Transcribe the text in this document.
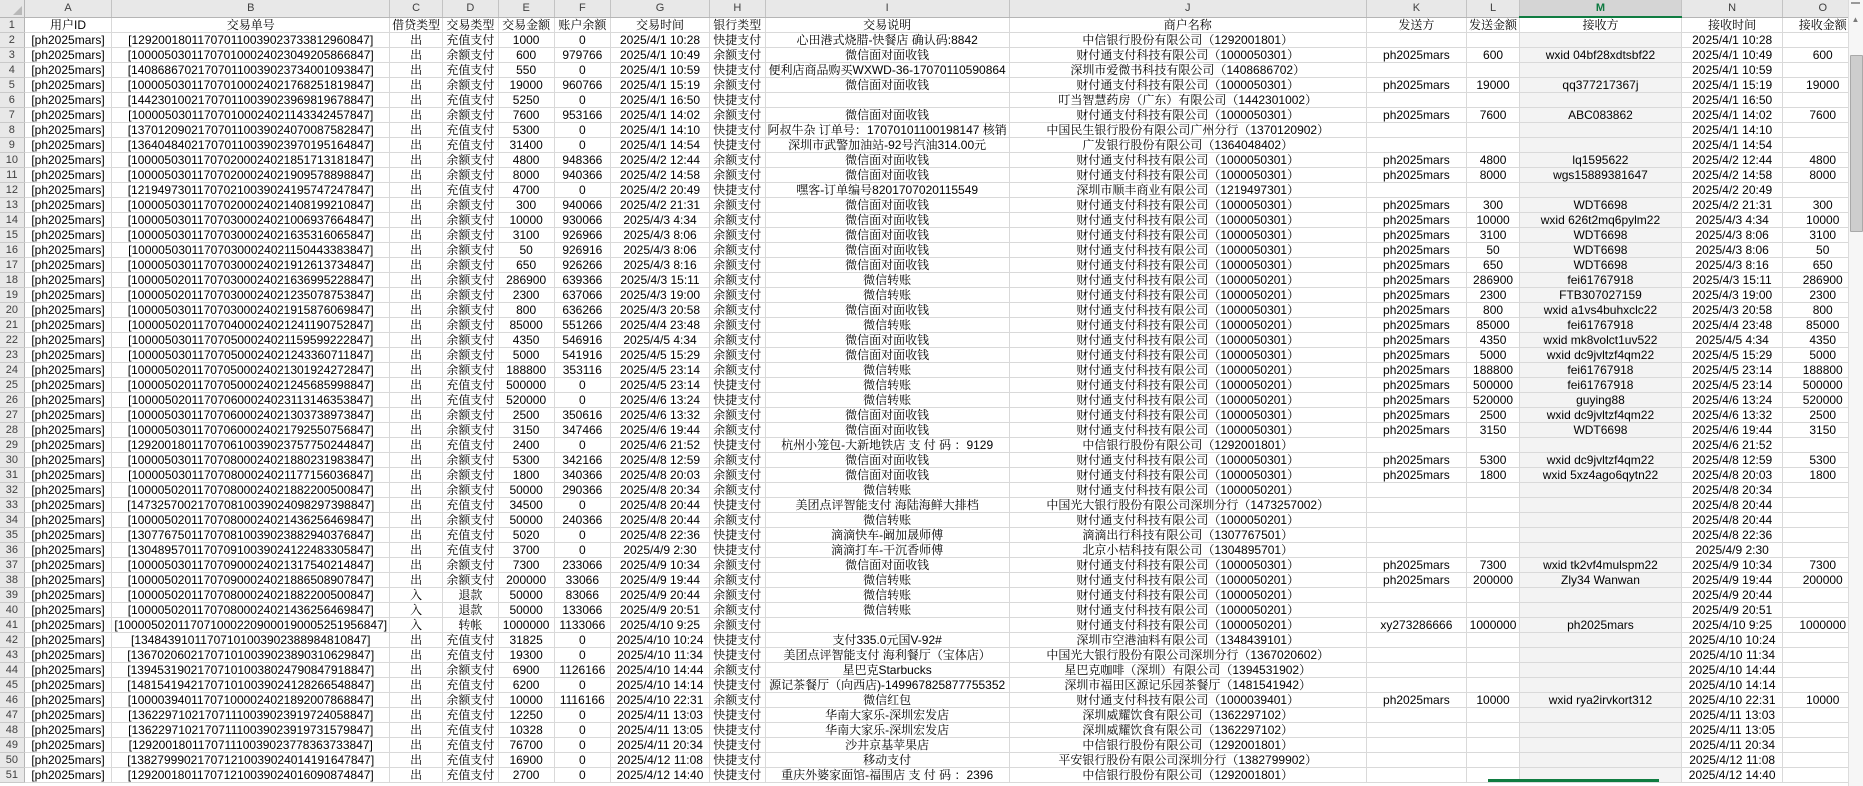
	A	B	C	D	E	F	G	H	I	J	K	L	M	N	O
1	用户ID	交易单号	借贷类型	交易类型	交易金额	账户余额	交易时间	银行类型	交易说明	商户名称	发送方	发送金额	接收方	接收时间	接收金额
2	[ph2025mars]	[129200180117070110039023733812960847]	出	充值支付	1000	0	2025/4/1 10:28	快捷支付	心田港式烧腊-快餐店 确认码:8842	中信银行股份有限公司（1292001801）				2025/4/1 10:28	
3	[ph2025mars]	[100005030117070100024023049205866847]	出	余额支付	600	979766	2025/4/1 10:49	余额支付	微信面对面收钱	财付通支付科技有限公司（1000050301）	ph2025mars	600	wxid 04bf28xdtsbf22	2025/4/1 10:49	600
4	[ph2025mars]	[140868670217070110039023734001093847]	出	充值支付	550	0	2025/4/1 10:59	快捷支付	便利店商品购买WXWD-36-17070110590864	深圳市爱微书科技有限公司（1408686702）				2025/4/1 10:59	
5	[ph2025mars]	[100005030117070100024021768251819847]	出	余额支付	19000	960766	2025/4/1 15:19	余额支付	微信面对面收钱	财付通支付科技有限公司（1000050301）	ph2025mars	19000	qq377217367j	2025/4/1 15:19	19000
6	[ph2025mars]	[144230100217070110039023969819678847]	出	充值支付	5250	0	2025/4/1 16:50	快捷支付		叮当智慧药房（广东）有限公司（1442301002）				2025/4/1 16:50	
7	[ph2025mars]	[100005030117070100024021143342457847]	出	余额支付	7600	953166	2025/4/1 14:02	余额支付	微信面对面收钱	财付通支付科技有限公司（1000050301）	ph2025mars	7600	ABC083862	2025/4/1 14:02	7600
8	[ph2025mars]	[137012090217070110039024070087582847]	出	充值支付	5300	0	2025/4/1 14:10	快捷支付	阿叔牛杂 订单号：17070101100198147 核销	中国民生银行股份有限公司广州分行（1370120902）				2025/4/1 14:10	
9	[ph2025mars]	[136404840217070110039023970195164847]	出	充值支付	31400	0	2025/4/1 14:54	快捷支付	深圳市武警加油站-92号汽油314.00元	广发银行股份有限公司（1364048402）				2025/4/1 14:54	
10	[ph2025mars]	[100005030117070200024021851713181847]	出	余额支付	4800	948366	2025/4/2 12:44	余额支付	微信面对面收钱	财付通支付科技有限公司（1000050301）	ph2025mars	4800	lq1595622	2025/4/2 12:44	4800
11	[ph2025mars]	[100005030117070200024021909578898847]	出	余额支付	8000	940366	2025/4/2 14:58	余额支付	微信面对面收钱	财付通支付科技有限公司（1000050301）	ph2025mars	8000	wgs15889381647	2025/4/2 14:58	8000
12	[ph2025mars]	[121949730117070210039024195747247847]	出	充值支付	4700	0	2025/4/2 20:49	快捷支付	嘿客-订单编号8201707020115549	深圳市顺丰商业有限公司（1219497301）				2025/4/2 20:49	
13	[ph2025mars]	[100005030117070200024021408199210847]	出	余额支付	300	940066	2025/4/2 21:31	余额支付	微信面对面收钱	财付通支付科技有限公司（1000050301）	ph2025mars	300	WDT6698	2025/4/2 21:31	300
14	[ph2025mars]	[100005030117070300024021006937664847]	出	余额支付	10000	930066	2025/4/3 4:34	余额支付	微信面对面收钱	财付通支付科技有限公司（1000050301）	ph2025mars	10000	wxid 626t2mq6pylm22	2025/4/3 4:34	10000
15	[ph2025mars]	[100005030117070300024021635316065847]	出	余额支付	3100	926966	2025/4/3 8:06	余额支付	微信面对面收钱	财付通支付科技有限公司（1000050301）	ph2025mars	3100	WDT6698	2025/4/3 8:06	3100
16	[ph2025mars]	[100005030117070300024021150443383847]	出	余额支付	50	926916	2025/4/3 8:06	余额支付	微信面对面收钱	财付通支付科技有限公司（1000050301）	ph2025mars	50	WDT6698	2025/4/3 8:06	50
17	[ph2025mars]	[100005030117070300024021912613734847]	出	余额支付	650	926266	2025/4/3 8:16	余额支付	微信面对面收钱	财付通支付科技有限公司（1000050301）	ph2025mars	650	WDT6698	2025/4/3 8:16	650
18	[ph2025mars]	[100005020117070300024021636995228847]	出	余额支付	286900	639366	2025/4/3 15:11	余额支付	微信转账	财付通支付科技有限公司（1000050201）	ph2025mars	286900	fei61767918	2025/4/3 15:11	286900
19	[ph2025mars]	[100005020117070300024021235078753847]	出	余额支付	2300	637066	2025/4/3 19:00	余额支付	微信转账	财付通支付科技有限公司（1000050201）	ph2025mars	2300	FTB307027159	2025/4/3 19:00	2300
20	[ph2025mars]	[100005030117070300024021915876069847]	出	余额支付	800	636266	2025/4/3 20:58	余额支付	微信面对面收钱	财付通支付科技有限公司（1000050301）	ph2025mars	800	wxid a1vs4buhxclc22	2025/4/3 20:58	800
21	[ph2025mars]	[100005020117070400024021241190752847]	出	余额支付	85000	551266	2025/4/4 23:48	余额支付	微信转账	财付通支付科技有限公司（1000050201）	ph2025mars	85000	fei61767918	2025/4/4 23:48	85000
22	[ph2025mars]	[100005030117070500024021159599222847]	出	余额支付	4350	546916	2025/4/5 4:34	余额支付	微信面对面收钱	财付通支付科技有限公司（1000050301）	ph2025mars	4350	wxid mk8volct1uv522	2025/4/5 4:34	4350
23	[ph2025mars]	[100005030117070500024021243360711847]	出	余额支付	5000	541916	2025/4/5 15:29	余额支付	微信面对面收钱	财付通支付科技有限公司（1000050301）	ph2025mars	5000	wxid dc9jvltzf4qm22	2025/4/5 15:29	5000
24	[ph2025mars]	[100005020117070500024021301924272847]	出	余额支付	188800	353116	2025/4/5 23:14	余额支付	微信转账	财付通支付科技有限公司（1000050201）	ph2025mars	188800	fei61767918	2025/4/5 23:14	188800
25	[ph2025mars]	[100005020117070500024021245685998847]	出	充值支付	500000	0	2025/4/5 23:14	快捷支付	微信转账	财付通支付科技有限公司（1000050201）	ph2025mars	500000	fei61767918	2025/4/5 23:14	500000
26	[ph2025mars]	[100005020117070600024023113146353847]	出	充值支付	520000	0	2025/4/6 13:24	快捷支付	微信转账	财付通支付科技有限公司（1000050201）	ph2025mars	520000	guying88	2025/4/6 13:24	520000
27	[ph2025mars]	[100005030117070600024021303738973847]	出	余额支付	2500	350616	2025/4/6 13:32	余额支付	微信面对面收钱	财付通支付科技有限公司（1000050301）	ph2025mars	2500	wxid dc9jvltzf4qm22	2025/4/6 13:32	2500
28	[ph2025mars]	[100005030117070600024021792550756847]	出	余额支付	3150	347466	2025/4/6 19:44	余额支付	微信面对面收钱	财付通支付科技有限公司（1000050301）	ph2025mars	3150	WDT6698	2025/4/6 19:44	3150
29	[ph2025mars]	[129200180117070610039023757750244847]	出	充值支付	2400	0	2025/4/6 21:52	快捷支付	杭州小笼包-大新地铁店 支 付 码 ：9129	中信银行股份有限公司（1292001801）				2025/4/6 21:52	
30	[ph2025mars]	[100005030117070800024021880231983847]	出	余额支付	5300	342166	2025/4/8 12:59	余额支付	微信面对面收钱	财付通支付科技有限公司（1000050301）	ph2025mars	5300	wxid dc9jvltzf4qm22	2025/4/8 12:59	5300
31	[ph2025mars]	[100005030117070800024021177156036847]	出	余额支付	1800	340366	2025/4/8 20:03	余额支付	微信面对面收钱	财付通支付科技有限公司（1000050301）	ph2025mars	1800	wxid 5xz4ago6qytn22	2025/4/8 20:03	1800
32	[ph2025mars]	[100005020117070800024021882200500847]	出	余额支付	50000	290366	2025/4/8 20:34	余额支付	微信转账	财付通支付科技有限公司（1000050201）				2025/4/8 20:34	
33	[ph2025mars]	[147325700217070810039024098297398847]	出	充值支付	34500	0	2025/4/8 20:44	快捷支付	美团点评智能支付 海陆海鲜大排档	中国光大银行股份有限公司深圳分行（1473257002）				2025/4/8 20:44	
34	[ph2025mars]	[100005020117070800024021436256469847]	出	余额支付	50000	240366	2025/4/8 20:44	余额支付	微信转账	财付通支付科技有限公司（1000050201）				2025/4/8 20:44	
35	[ph2025mars]	[130776750117070810039023882940376847]	出	充值支付	5020	0	2025/4/8 22:36	快捷支付	滴滴快车-阚加晟师傅	滴滴出行科技有限公司（1307767501）				2025/4/8 22:36	
36	[ph2025mars]	[130489570117070910039024122483305847]	出	充值支付	3700	0	2025/4/9 2:30	快捷支付	滴滴打车-干沉香师傅	北京小桔科技有限公司（1304895701）				2025/4/9 2:30	
37	[ph2025mars]	[100005030117070900024021317540214847]	出	余额支付	7300	233066	2025/4/9 10:34	余额支付	微信面对面收钱	财付通支付科技有限公司（1000050301）	ph2025mars	7300	wxid tk2vf4mulspm22	2025/4/9 10:34	7300
38	[ph2025mars]	[100005020117070900024021886508907847]	出	余额支付	200000	33066	2025/4/9 19:44	余额支付	微信转账	财付通支付科技有限公司（1000050201）	ph2025mars	200000	Zly34 Wanwan	2025/4/9 19:44	200000
39	[ph2025mars]	[100005020117070800024021882200500847]	入	退款	50000	83066	2025/4/9 20:44	余额支付	微信转账	财付通支付科技有限公司（1000050201）				2025/4/9 20:44	
40	[ph2025mars]	[100005020117070800024021436256469847]	入	退款	50000	133066	2025/4/9 20:51	余额支付	微信转账	财付通支付科技有限公司（1000050201）				2025/4/9 20:51	
41	[ph2025mars]	[1000050201170710002209000190005251956847]	入	转帐	1000000	1133066	2025/4/10 9:25	余额支付		财付通支付科技有限公司（1000050201）	xy273286666	1000000	ph2025mars	2025/4/10 9:25	1000000
42	[ph2025mars]	[13484391011707101003902388984810847]	出	充值支付	31825	0	2025/4/10 10:24	快捷支付	支付335.0元国V-92#	深圳市空港油料有限公司（1348439101）				2025/4/10 10:24	
43	[ph2025mars]	[136702060217071010039023890310629847]	出	充值支付	19300	0	2025/4/10 11:34	快捷支付	美团点评智能支付 海利餐厅（宝体店）	中国光大银行股份有限公司深圳分行（1367020602）				2025/4/10 11:34	
44	[ph2025mars]	[139453190217071010038024790847918847]	出	余额支付	6900	1126166	2025/4/10 14:44	余额支付	星巴克Starbucks	星巴克咖啡（深圳）有限公司（1394531902）				2025/4/10 14:44	
45	[ph2025mars]	[148154194217071010039024128266548847]	出	充值支付	6200	0	2025/4/10 14:14	快捷支付	源记茶餐厅（向西店)-149967825877755352	深圳市福田区源记乐园茶餐厅（1481541942）				2025/4/10 14:14	
46	[ph2025mars]	[100003940117071000024021892007868847]	出	余额支付	10000	1116166	2025/4/10 22:31	余额支付	微信红包	财付通支付科技有限公司（1000039401）	ph2025mars	10000	wxid rya2irvkort312	2025/4/10 22:31	10000
47	[ph2025mars]	[136229710217071110039023919724058847]	出	充值支付	12250	0	2025/4/11 13:03	快捷支付	华南大家乐-深圳宏发店	深圳威耀饮食有限公司（1362297102）				2025/4/11 13:03	
48	[ph2025mars]	[136229710217071110039023919731579847]	出	充值支付	10328	0	2025/4/11 13:05	快捷支付	华南大家乐-深圳宏发店	深圳威耀饮食有限公司（1362297102）				2025/4/11 13:05	
49	[ph2025mars]	[129200180117071110039023778363733847]	出	充值支付	76700	0	2025/4/11 20:34	快捷支付	沙井京基苹果店	中信银行股份有限公司（1292001801）				2025/4/11 20:34	
50	[ph2025mars]	[138279990217071210039024014191647847]	出	充值支付	16900	0	2025/4/12 11:08	快捷支付	移动支付	平安银行股份有限公司深圳分行（1382799902）				2025/4/12 11:08	
51	[ph2025mars]	[129200180117071210039024016090874847]	出	充值支付	2700	0	2025/4/12 14:40	快捷支付	重庆外婆家面馆-福围店 支 付 码 ：2396	中信银行股份有限公司（1292001801）				2025/4/12 14:40	
▲
